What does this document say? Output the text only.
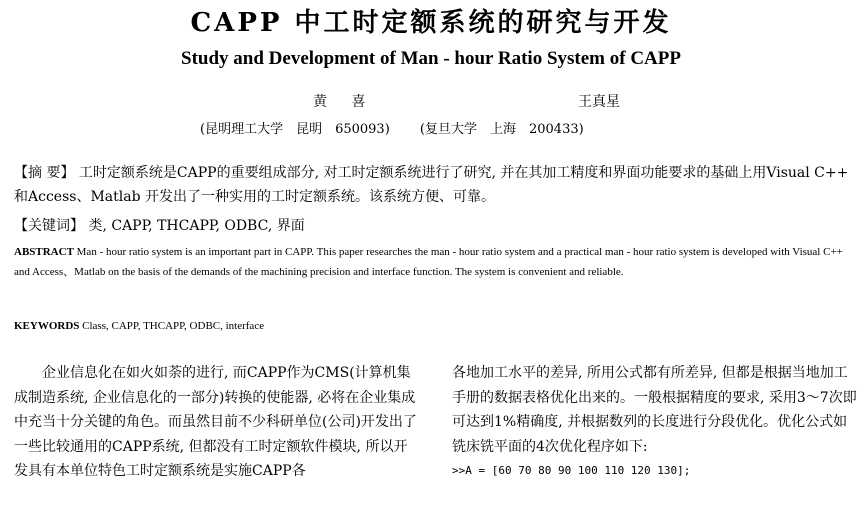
CAPP 中工时定额系统的研究与开发
Study and Development of Man - hour Ratio System of CAPP
黄 喜	王真星
(昆明理工大学　昆明　650093) (复旦大学　上海　200433)
【摘 要】 工时定额系统是CAPP的重要组成部分, 对工时定额系统进行了研究, 并在其加工精度和界面功能要求的基础上用Visual C++ 和Access、Matlab 开发出了一种实用的工时定额系统。该系统方便、可靠。
【关键词】 类, CAPP, THCAPP, ODBC, 界面
ABSTRACT Man - hour ratio system is an important part in CAPP. This paper researches the man - hour ratio system and a practical man - hour ratio system is developed with Visual C++ and Access、Matlab on the basis of the demands of the machining precision and interface function. The system is convenient and reliable.
KEYWORDS Class, CAPP, THCAPP, ODBC, interface
企业信息化在如火如荼的进行, 而CAPP作为CMS(计算机集成制造系统, 企业信息化的一部分)转换的使能器, 必将在企业集成中充当十分关键的角色。而虽然目前不少科研单位(公司)开发出了一些比较通用的CAPP系统, 但都没有工时定额软件模块, 所以开发具有本单位特色工时定额系统是实施CAPP各
各地加工水平的差异, 所用公式都有所差异, 但都是根据当地加工手册的数据表格优化出来的。一般根据精度的要求, 采用3～7次即可达到1%精确度, 并根据数列的长度进行分段优化。优化公式如铣床铣平面的4次优化程序如下:
>>A = [60 70 80 90 100 110 120 130];
